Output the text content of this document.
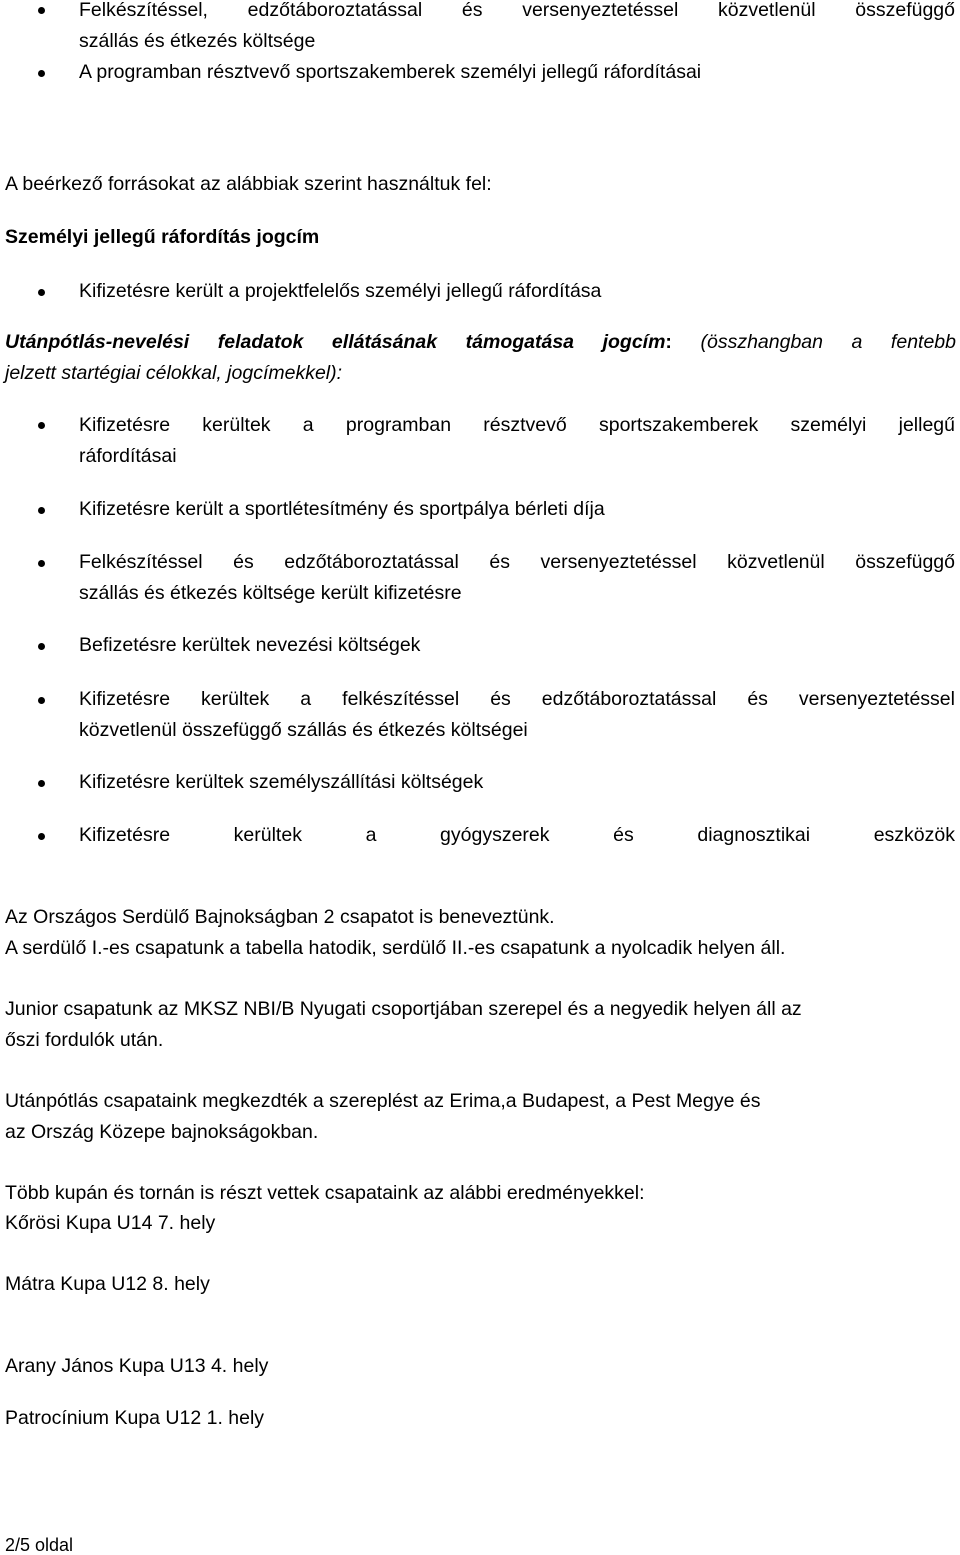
Felkészítéssel, edzőtáboroztatással és versenyeztetéssel közvetlenül összefüggő
szállás és étkezés költsége
A programban résztvevő sportszakemberek személyi jellegű ráfordításai
A beérkező forrásokat az alábbiak szerint használtuk fel:
Személyi jellegű ráfordítás jogcím
Kifizetésre került a projektfelelős személyi jellegű ráfordítása
Utánpótlás-nevelési feladatok ellátásának támogatása jogcím: (összhangban a fentebb
jelzett startégiai célokkal, jogcímekkel):
Kifizetésre kerültek a programban résztvevő sportszakemberek személyi jellegű
ráfordításai
Kifizetésre került a sportlétesítmény és sportpálya bérleti díja
Felkészítéssel és edzőtáboroztatással és versenyeztetéssel közvetlenül összefüggő
szállás és étkezés költsége került kifizetésre
Befizetésre kerültek nevezési költségek
Kifizetésre kerültek a felkészítéssel és edzőtáboroztatással és versenyeztetéssel
közvetlenül összefüggő szállás és étkezés költségei
Kifizetésre kerültek személyszállítási költségek
Kifizetésre kerültek a gyógyszerek és diagnosztikai eszközök
Az Országos Serdülő Bajnokságban 2 csapatot is beneveztünk.
A serdülő I.-es csapatunk a tabella hatodik, serdülő II.-es csapatunk a nyolcadik helyen áll.
Junior csapatunk az MKSZ NBI/B Nyugati csoportjában szerepel és a negyedik helyen áll az
őszi fordulók után.
Utánpótlás csapataink megkezdték a szereplést az Erima,a Budapest, a Pest Megye és
az Ország Közepe bajnokságokban.
Több kupán és tornán is részt vettek csapataink az alábbi eredményekkel:
Kőrösi Kupa U14 7. hely
Mátra Kupa U12 8. hely
Arany János Kupa U13 4. hely
Patrocínium Kupa U12 1. hely
2/5 oldal
